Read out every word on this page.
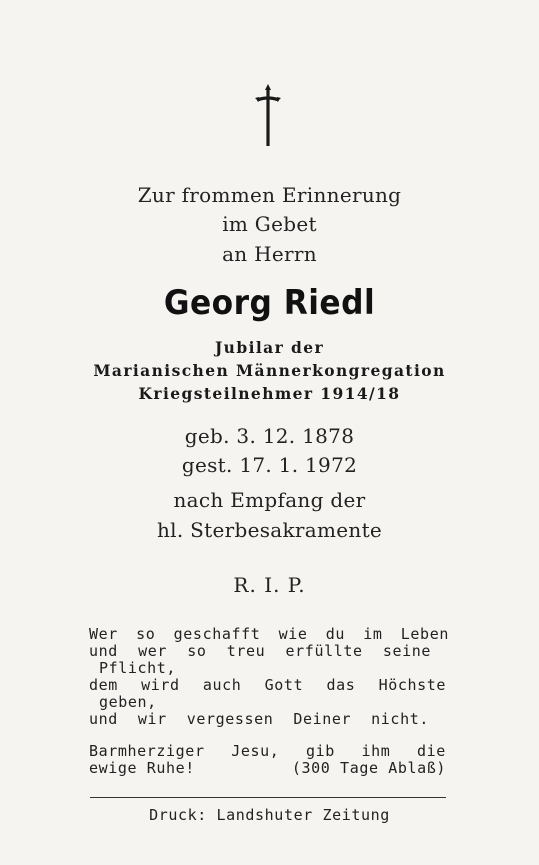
Zur frommen Erinnerung
im Gebet
an Herrn
Georg Riedl
Jubilar der
Marianischen Männerkongregation
Kriegsteilnehmer 1914/18
geb. 3. 12. 1878
gest. 17. 1. 1972
nach Empfang der
hl. Sterbesakramente
R. I. P.
Wer so geschafft wie du im Leben
und wer so treu erfüllte seine
Pflicht,
dem wird auch Gott das Höchste
geben,
und wir vergessen Deiner nicht.
Barmherziger Jesu, gib ihm die
ewige Ruhe!	(300 Tage Ablaß)
Druck: Landshuter Zeitung
